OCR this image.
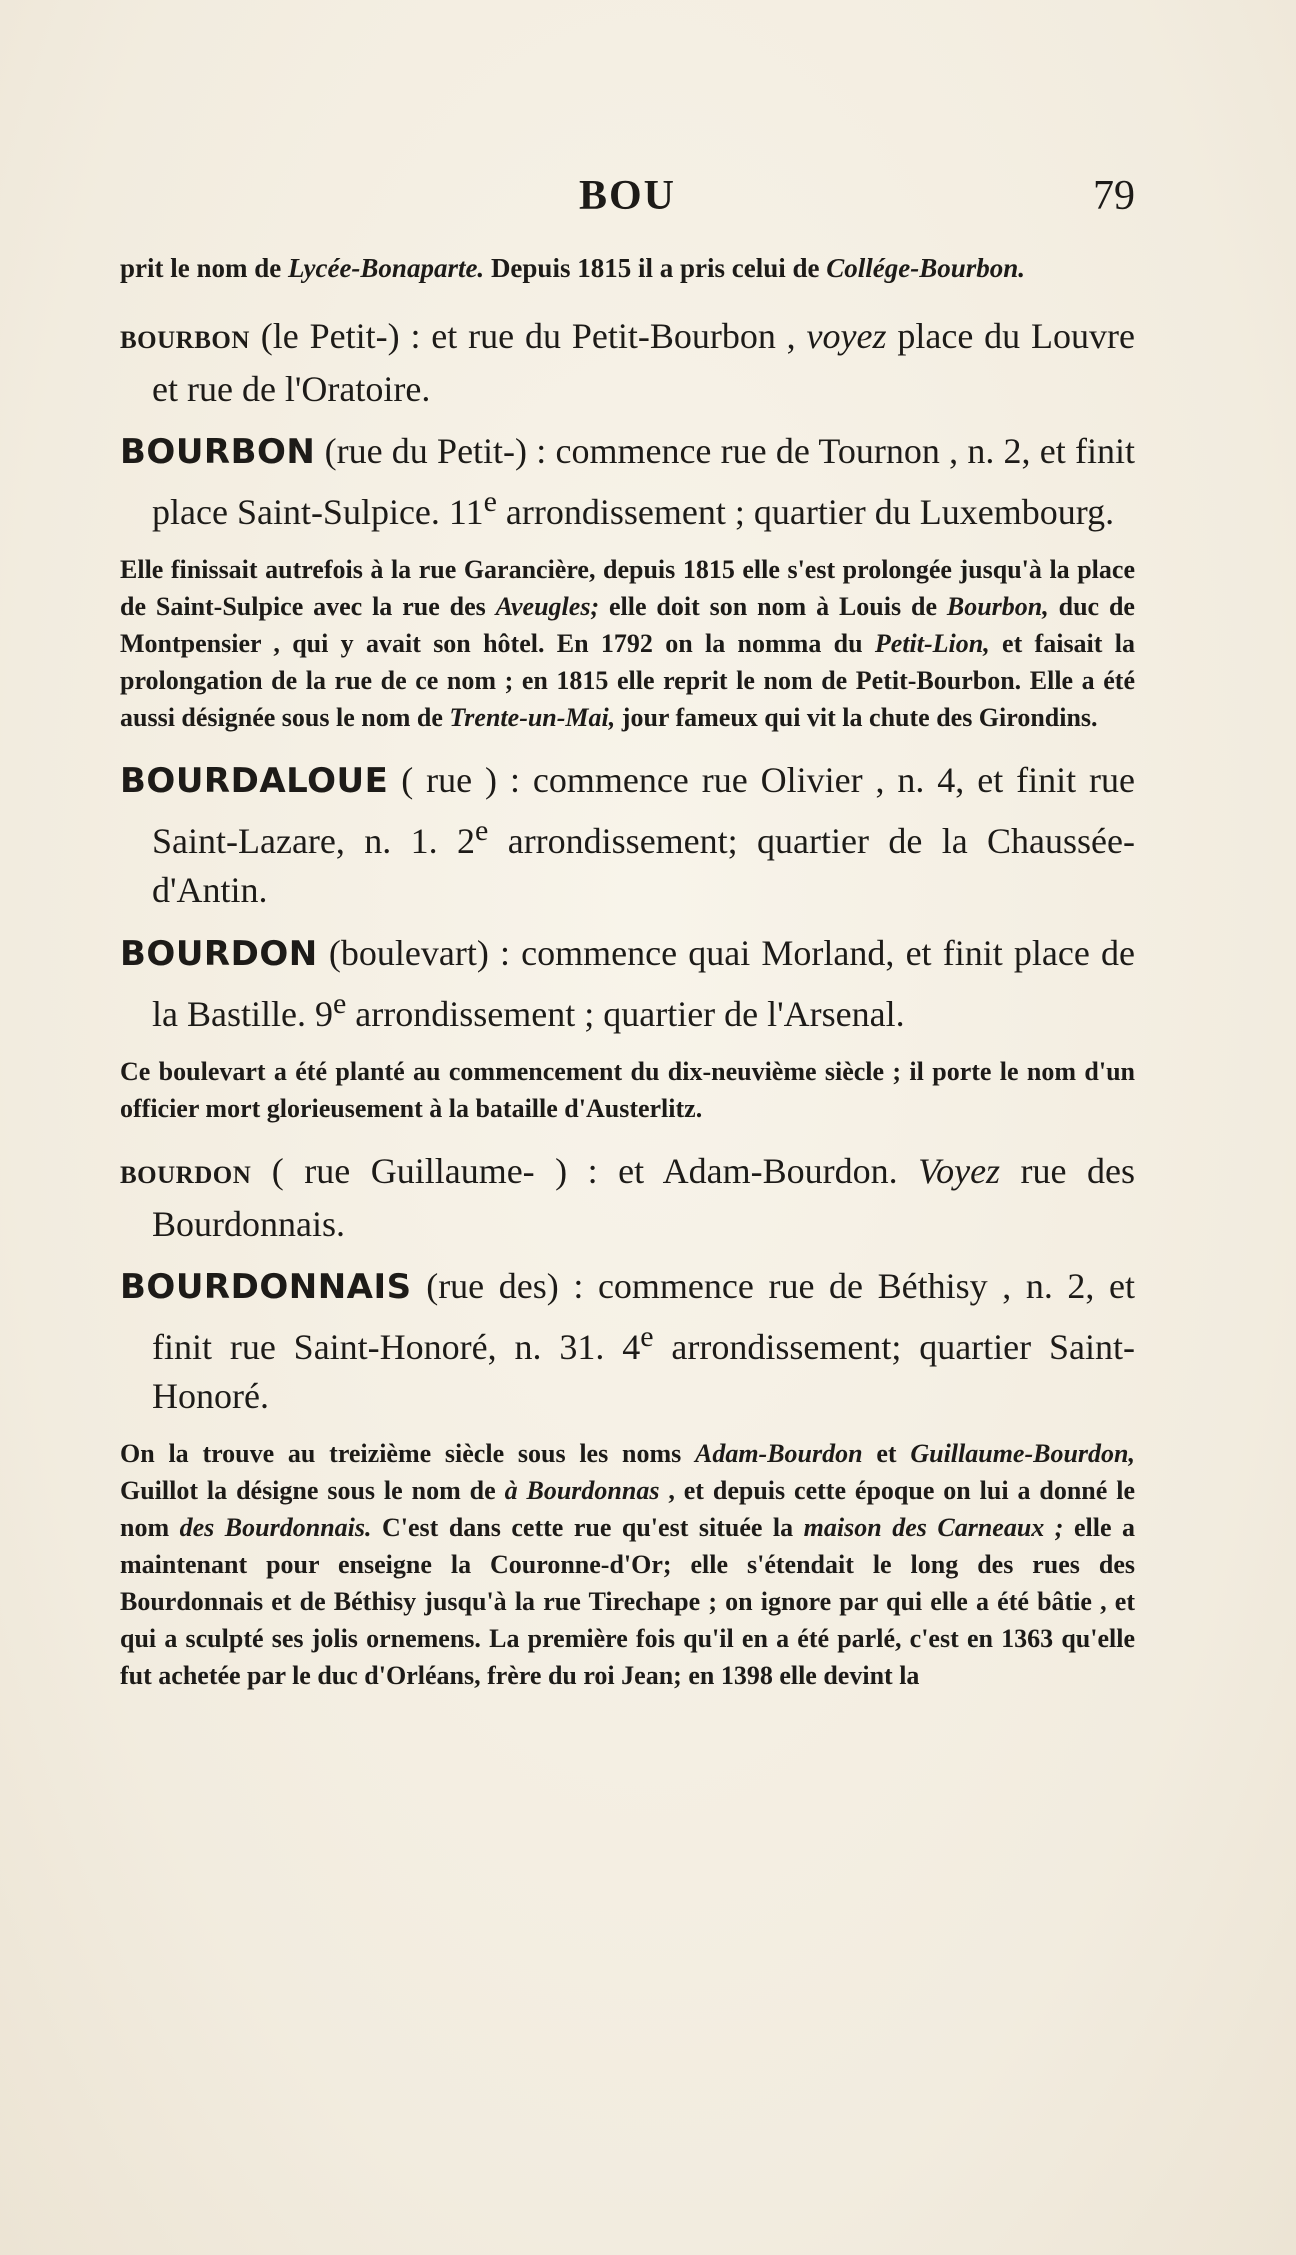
BOU	79

prit le nom de Lycée-Bonaparte. Depuis 1815 il a pris celui de Collége-Bourbon.

BOURBON (le Petit-) : et rue du Petit-Bourbon , voyez place du Louvre et rue de l'Oratoire.

BOURBON (rue du Petit-) : commence rue de Tournon , n. 2, et finit place Saint-Sulpice. 11e arrondissement ; quartier du Luxembourg.

Elle finissait autrefois à la rue Garancière, depuis 1815 elle s'est prolongée jusqu'à la place de Saint-Sulpice avec la rue des Aveugles; elle doit son nom à Louis de Bourbon, duc de Montpensier , qui y avait son hôtel. En 1792 on la nomma du Petit-Lion, et faisait la prolongation de la rue de ce nom ; en 1815 elle reprit le nom de Petit-Bourbon. Elle a été aussi désignée sous le nom de Trente-un-Mai, jour fameux qui vit la chute des Girondins.

BOURDALOUE ( rue ) : commence rue Olivier , n. 4, et finit rue Saint-Lazare, n. 1. 2e arrondissement; quartier de la Chaussée-d'Antin.

BOURDON (boulevart) : commence quai Morland, et finit place de la Bastille. 9e arrondissement ; quartier de l'Arsenal.

Ce boulevart a été planté au commencement du dix-neuvième siècle ; il porte le nom d'un officier mort glorieusement à la bataille d'Austerlitz.

BOURDON ( rue Guillaume- ) : et Adam-Bourdon. Voyez rue des Bourdonnais.

BOURDONNAIS (rue des) : commence rue de Béthisy , n. 2, et finit rue Saint-Honoré, n. 31. 4e arrondissement; quartier Saint-Honoré.

On la trouve au treizième siècle sous les noms Adam-Bourdon et Guillaume-Bourdon, Guillot la désigne sous le nom de à Bourdonnas , et depuis cette époque on lui a donné le nom des Bourdonnais. C'est dans cette rue qu'est située la maison des Carneaux ; elle a maintenant pour enseigne la Couronne-d'Or; elle s'étendait le long des rues des Bourdonnais et de Béthisy jusqu'à la rue Tirechape ; on ignore par qui elle a été bâtie , et qui a sculpté ses jolis ornemens. La première fois qu'il en a été parlé, c'est en 1363 qu'elle fut achetée par le duc d'Orléans, frère du roi Jean; en 1398 elle devint la
